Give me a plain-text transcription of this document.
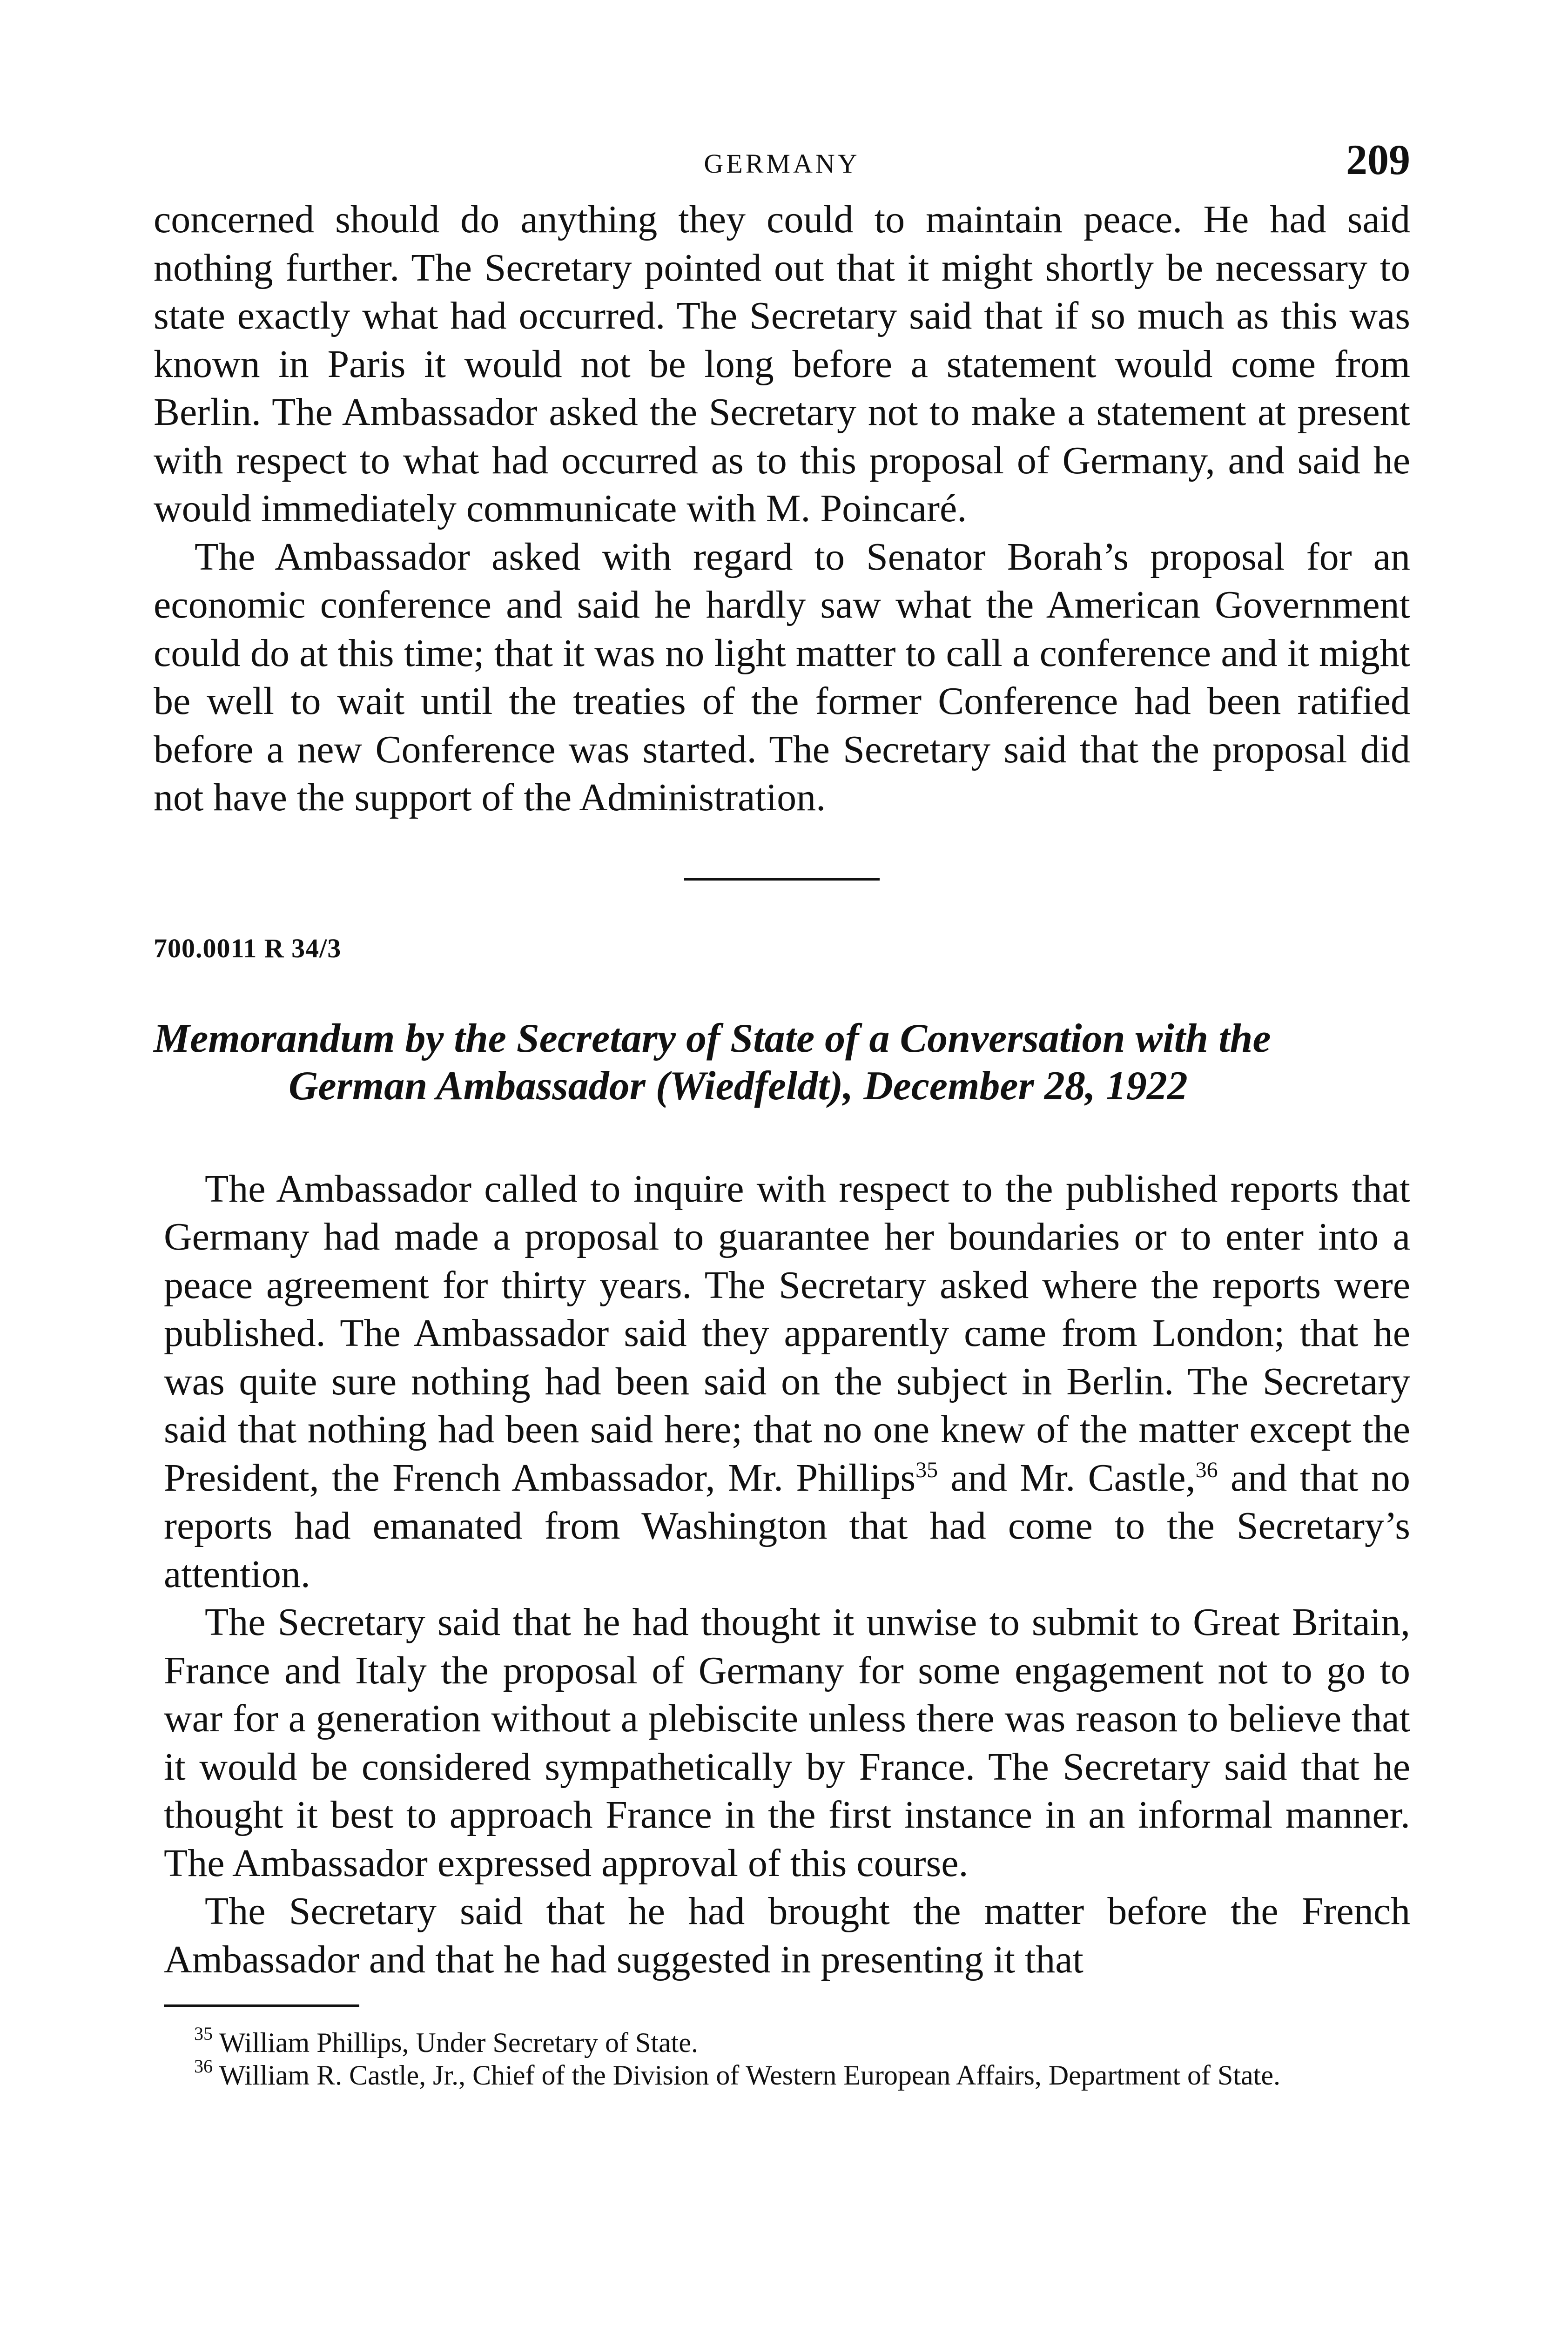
GERMANY	209

concerned should do anything they could to maintain peace. He had said nothing further. The Secretary pointed out that it might shortly be necessary to state exactly what had occurred. The Secretary said that if so much as this was known in Paris it would not be long before a statement would come from Berlin. The Ambassador asked the Secretary not to make a statement at present with respect to what had occurred as to this proposal of Germany, and said he would immediately communicate with M. Poincaré.

The Ambassador asked with regard to Senator Borah’s proposal for an economic conference and said he hardly saw what the American Government could do at this time; that it was no light matter to call a conference and it might be well to wait until the treaties of the former Conference had been ratified before a new Conference was started. The Secretary said that the proposal did not have the support of the Administration.

700.0011 R 34/3
Memorandum by the Secretary of State of a Conversation with the
German Ambassador (Wiedfeldt), December 28, 1922

The Ambassador called to inquire with respect to the published reports that Germany had made a proposal to guarantee her boundaries or to enter into a peace agreement for thirty years. The Secretary asked where the reports were published. The Ambassador said they apparently came from London; that he was quite sure nothing had been said on the subject in Berlin. The Secretary said that nothing had been said here; that no one knew of the matter except the President, the French Ambassador, Mr. Phillips$^{35}$ and Mr. Castle,$^{36}$ and that no reports had emanated from Washington that had come to the Secretary’s attention.

The Secretary said that he had thought it unwise to submit to Great Britain, France and Italy the proposal of Germany for some engagement not to go to war for a generation without a plebiscite unless there was reason to believe that it would be considered sympathetically by France. The Secretary said that he thought it best to approach France in the first instance in an informal manner. The Ambassador expressed approval of this course.

The Secretary said that he had brought the matter before the French Ambassador and that he had suggested in presenting it that

$^{35}$ William Phillips, Under Secretary of State.

$^{36}$ William R. Castle, Jr., Chief of the Division of Western European Affairs, Department of State.
